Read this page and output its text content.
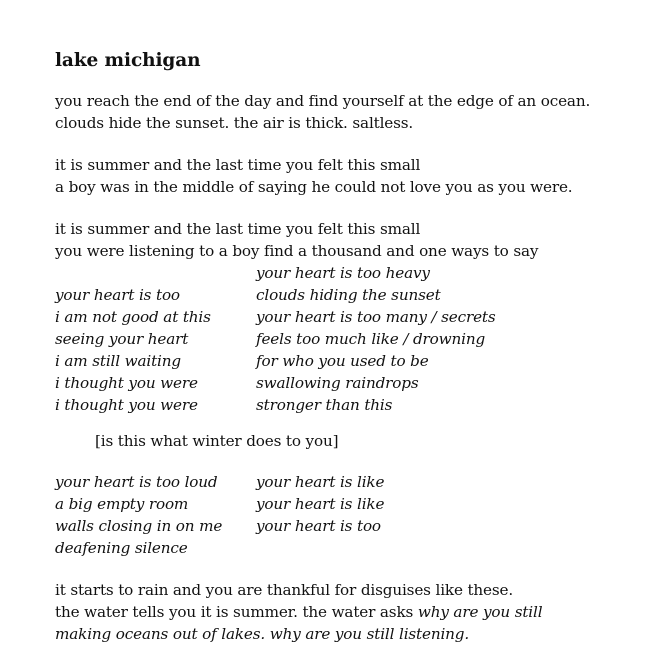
lake michigan
you reach the end of the day and find yourself at the edge of an ocean.
clouds hide the sunset. the air is thick. saltless.
it is summer and the last time you felt this small
a boy was in the middle of saying he could not love you as you were.
it is summer and the last time you felt this small
you were listening to a boy find a thousand and one ways to say

your heart is too
i am not good at this
seeing your heart
i am still waiting
i thought you were
i thought you were
your heart is too heavy
clouds hiding the sunset
your heart is too many / secrets
feels too much like / drowning
for who you used to be
swallowing raindrops
stronger than this
[is this what winter does to you]
your heart is too loud
a big empty room
walls closing in on me
deafening silence
your heart is like
your heart is like
your heart is too

it starts to rain and you are thankful for disguises like these.
the water tells you it is summer. the water asks why are you still
making oceans out of lakes. why are you still listening.
